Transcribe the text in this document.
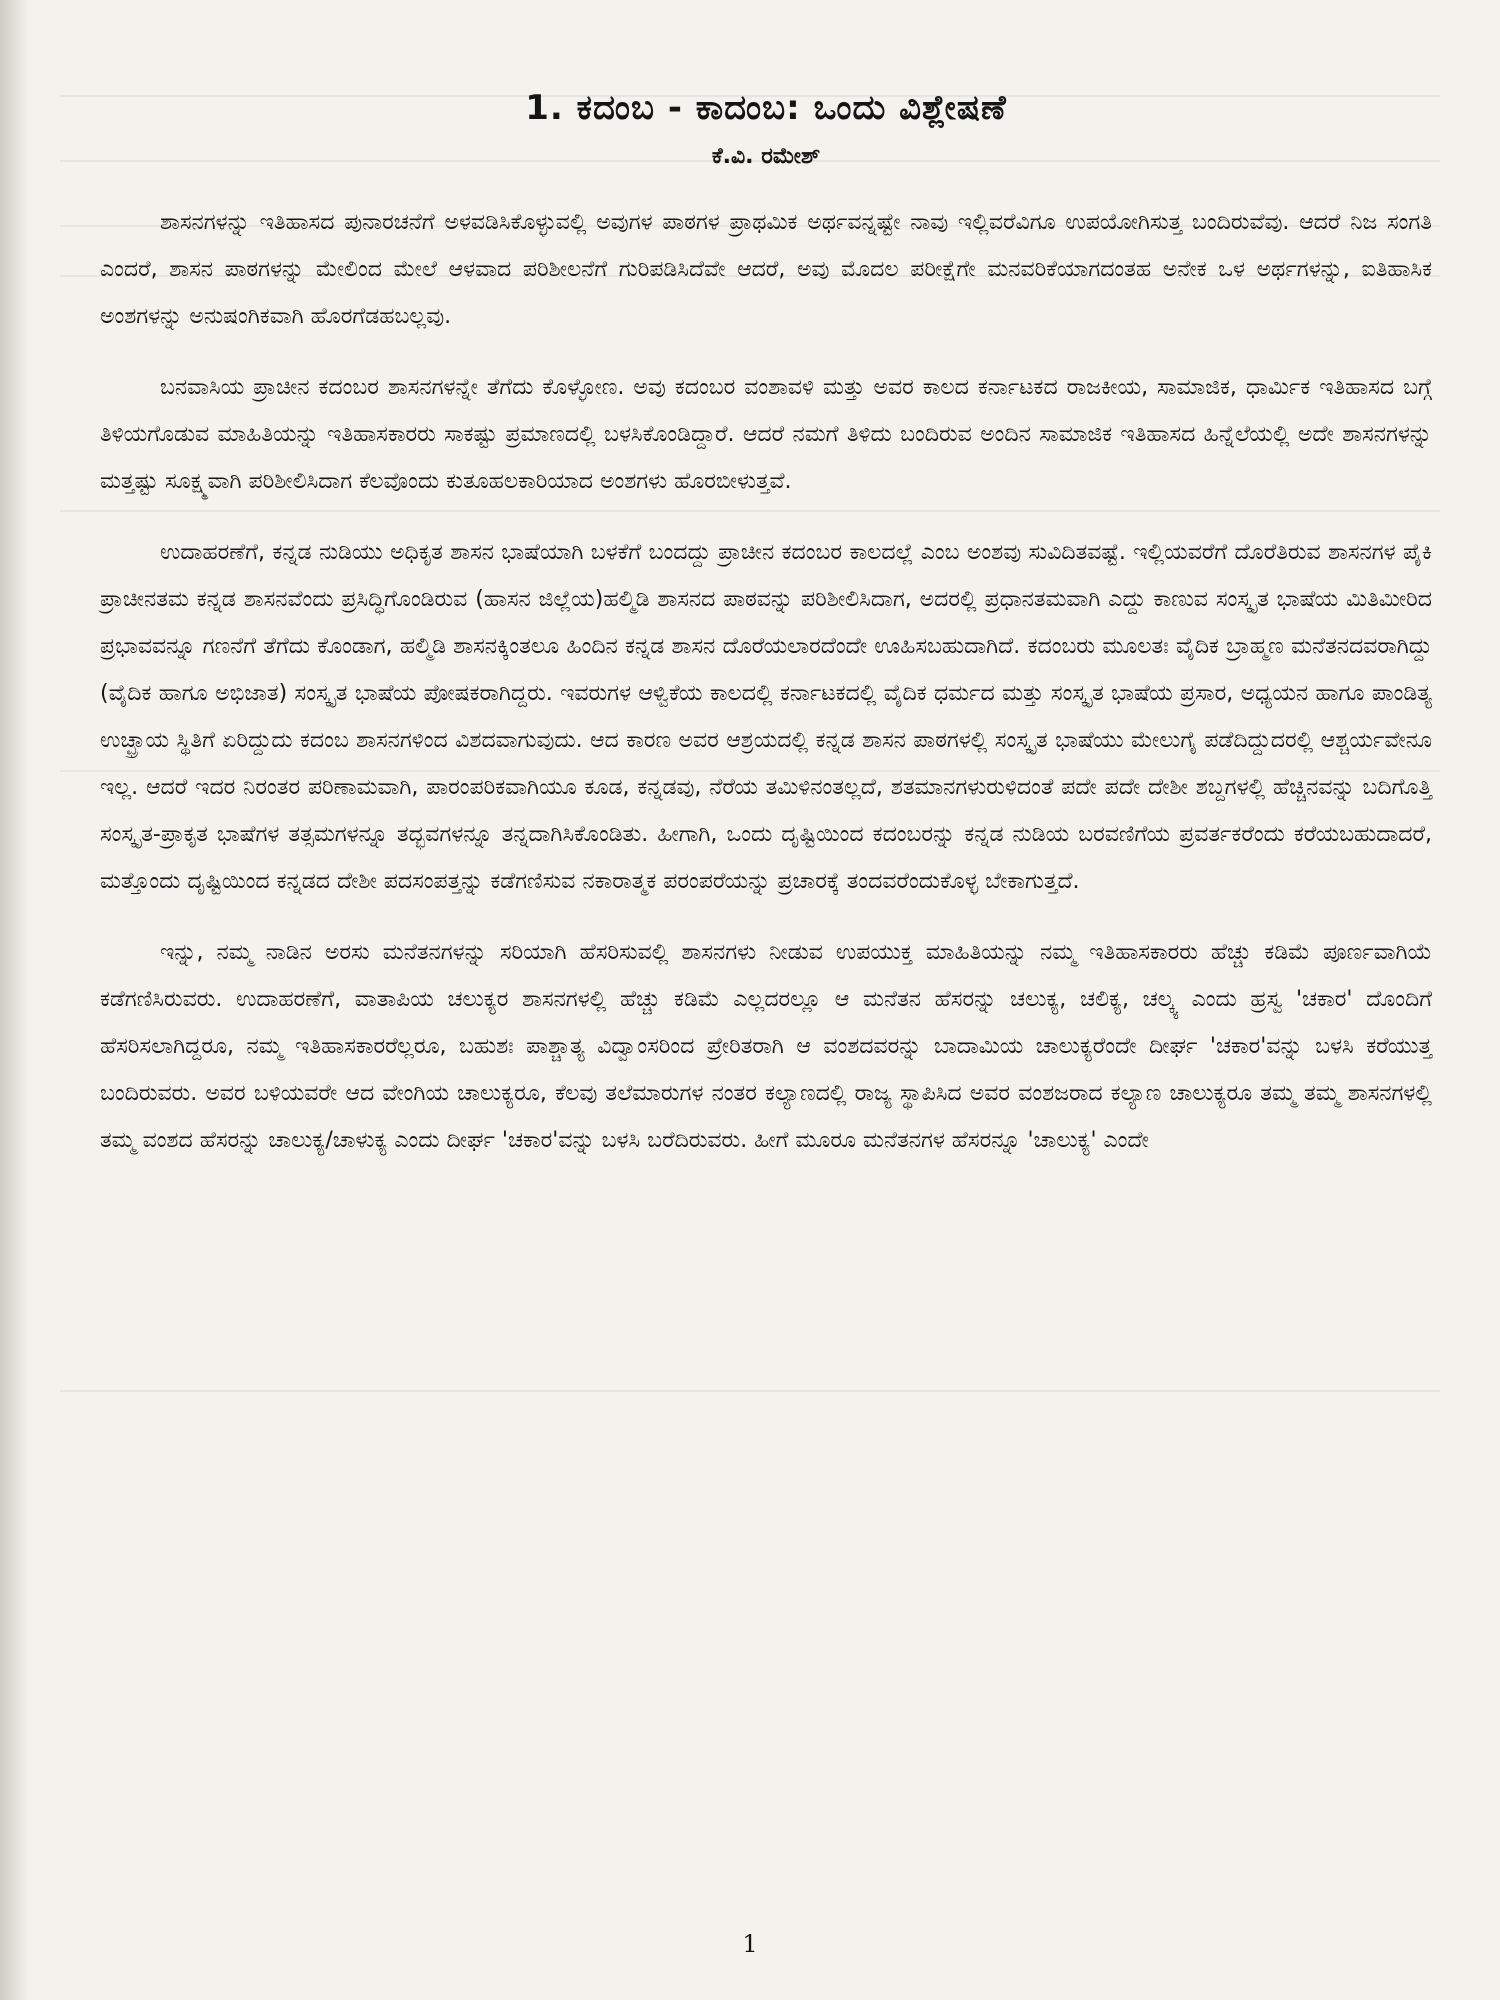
1. ಕದಂಬ - ಕಾದಂಬ: ಒಂದು ವಿಶ್ಲೇಷಣೆ
ಕೆ.ವಿ. ರಮೇಶ್

ಶಾಸನಗಳನ್ನು ಇತಿಹಾಸದ ಪುನಾರಚನೆಗೆ ಅಳವಡಿಸಿಕೊಳ್ಳುವಲ್ಲಿ ಅವುಗಳ ಪಾಠಗಳ ಪ್ರಾಥಮಿಕ ಅರ್ಥವನ್ನಷ್ಟೇ ನಾವು ಇಲ್ಲಿವರೆವಿಗೂ ಉಪಯೋಗಿಸುತ್ತ ಬಂದಿರುವೆವು. ಆದರೆ ನಿಜ ಸಂಗತಿ ಎಂದರೆ, ಶಾಸನ ಪಾಠಗಳನ್ನು ಮೇಲಿಂದ ಮೇಲೆ ಆಳವಾದ ಪರಿಶೀಲನೆಗೆ ಗುರಿಪಡಿಸಿದೆವೇ ಆದರೆ, ಅವು ಮೊದಲ ಪರೀಕ್ಷೆಗೇ ಮನವರಿಕೆಯಾಗದಂತಹ ಅನೇಕ ಒಳ ಅರ್ಥಗಳನ್ನು, ಐತಿಹಾಸಿಕ ಅಂಶಗಳನ್ನು ಅನುಷಂಗಿಕವಾಗಿ ಹೊರಗೆಡಹಬಲ್ಲವು.

ಬನವಾಸಿಯ ಪ್ರಾಚೀನ ಕದಂಬರ ಶಾಸನಗಳನ್ನೇ ತೆಗೆದು ಕೊಳ್ಳೋಣ. ಅವು ಕದಂಬರ ವಂಶಾವಳಿ ಮತ್ತು ಅವರ ಕಾಲದ ಕರ್ನಾಟಕದ ರಾಜಕೀಯ, ಸಾಮಾಜಿಕ, ಧಾರ್ಮಿಕ ಇತಿಹಾಸದ ಬಗ್ಗೆ ತಿಳಿಯಗೊಡುವ ಮಾಹಿತಿಯನ್ನು ಇತಿಹಾಸಕಾರರು ಸಾಕಷ್ಟು ಪ್ರಮಾಣದಲ್ಲಿ ಬಳಸಿಕೊಂಡಿದ್ದಾರೆ. ಆದರೆ ನಮಗೆ ತಿಳಿದು ಬಂದಿರುವ ಅಂದಿನ ಸಾಮಾಜಿಕ ಇತಿಹಾಸದ ಹಿನ್ನೆಲೆಯಲ್ಲಿ ಅದೇ ಶಾಸನಗಳನ್ನು ಮತ್ತಷ್ಟು ಸೂಕ್ಷ್ಮವಾಗಿ ಪರಿಶೀಲಿಸಿದಾಗ ಕೆಲವೊಂದು ಕುತೂಹಲಕಾರಿಯಾದ ಅಂಶಗಳು ಹೊರಬೀಳುತ್ತವೆ.

ಉದಾಹರಣೆಗೆ, ಕನ್ನಡ ನುಡಿಯು ಅಧಿಕೃತ ಶಾಸನ ಭಾಷೆಯಾಗಿ ಬಳಕೆಗೆ ಬಂದದ್ದು ಪ್ರಾಚೀನ ಕದಂಬರ ಕಾಲದಲ್ಲೆ ಎಂಬ ಅಂಶವು ಸುವಿದಿತವಷ್ಟೆ. ಇಲ್ಲಿಯವರೆಗೆ ದೊರೆತಿರುವ ಶಾಸನಗಳ ಪೈಕಿ ಪ್ರಾಚೀನತಮ ಕನ್ನಡ ಶಾಸನವೆಂದು ಪ್ರಸಿದ್ಧಿಗೊಂಡಿರುವ (ಹಾಸನ ಜಿಲ್ಲೆಯ)ಹಲ್ಮಿಡಿ ಶಾಸನದ ಪಾಠವನ್ನು ಪರಿಶೀಲಿಸಿದಾಗ, ಅದರಲ್ಲಿ ಪ್ರಧಾನತಮವಾಗಿ ಎದ್ದು ಕಾಣುವ ಸಂಸ್ಕೃತ ಭಾಷೆಯ ಮಿತಿಮೀರಿದ ಪ್ರಭಾವವನ್ನೂ ಗಣನೆಗೆ ತೆಗೆದು ಕೊಂಡಾಗ, ಹಲ್ಮಿಡಿ ಶಾಸನಕ್ಕಿಂತಲೂ ಹಿಂದಿನ ಕನ್ನಡ ಶಾಸನ ದೊರೆಯಲಾರದೆಂದೇ ಊಹಿಸಬಹುದಾಗಿದೆ. ಕದಂಬರು ಮೂಲತಃ ವೈದಿಕ ಬ್ರಾಹ್ಮಣ ಮನೆತನದವರಾಗಿದ್ದು (ವೈದಿಕ ಹಾಗೂ ಅಭಿಜಾತ) ಸಂಸ್ಕೃತ ಭಾಷೆಯ ಪೋಷಕರಾಗಿದ್ದರು. ಇವರುಗಳ ಆಳ್ವಿಕೆಯ ಕಾಲದಲ್ಲಿ ಕರ್ನಾಟಕದಲ್ಲಿ ವೈದಿಕ ಧರ್ಮದ ಮತ್ತು ಸಂಸ್ಕೃತ ಭಾಷೆಯ ಪ್ರಸಾರ, ಅಧ್ಯಯನ ಹಾಗೂ ಪಾಂಡಿತ್ಯ ಉಚ್ಛ್ರಾಯ ಸ್ಥಿತಿಗೆ ಏರಿದ್ದುದು ಕದಂಬ ಶಾಸನಗಳಿಂದ ವಿಶದವಾಗುವುದು. ಆದ ಕಾರಣ ಅವರ ಆಶ್ರಯದಲ್ಲಿ ಕನ್ನಡ ಶಾಸನ ಪಾಠಗಳಲ್ಲಿ ಸಂಸ್ಕೃತ ಭಾಷೆಯು ಮೇಲುಗೈ ಪಡೆದಿದ್ದುದರಲ್ಲಿ ಆಶ್ಚರ್ಯವೇನೂ ಇಲ್ಲ. ಆದರೆ ಇದರ ನಿರಂತರ ಪರಿಣಾಮವಾಗಿ, ಪಾರಂಪರಿಕವಾಗಿಯೂ ಕೂಡ, ಕನ್ನಡವು, ನೆರೆಯ ತಮಿಳಿನಂತಲ್ಲದೆ, ಶತಮಾನಗಳುರುಳಿದಂತೆ ಪದೇ ಪದೇ ದೇಶೀ ಶಬ್ದಗಳಲ್ಲಿ ಹೆಚ್ಚಿನವನ್ನು ಬದಿಗೊತ್ತಿ ಸಂಸ್ಕೃತ-ಪ್ರಾಕೃತ ಭಾಷೆಗಳ ತತ್ಸಮಗಳನ್ನೂ ತದ್ಭವಗಳನ್ನೂ ತನ್ನದಾಗಿಸಿಕೊಂಡಿತು. ಹೀಗಾಗಿ, ಒಂದು ದೃಷ್ಟಿಯಿಂದ ಕದಂಬರನ್ನು ಕನ್ನಡ ನುಡಿಯ ಬರವಣಿಗೆಯ ಪ್ರವರ್ತಕರೆಂದು ಕರೆಯಬಹುದಾದರೆ, ಮತ್ತೊಂದು ದೃಷ್ಟಿಯಿಂದ ಕನ್ನಡದ ದೇಶೀ ಪದಸಂಪತ್ತನ್ನು ಕಡೆಗಣಿಸುವ ನಕಾರಾತ್ಮಕ ಪರಂಪರೆಯನ್ನು ಪ್ರಚಾರಕ್ಕೆ ತಂದವರೆಂದುಕೊಳ್ಳ ಬೇಕಾಗುತ್ತದೆ.

ಇನ್ನು, ನಮ್ಮ ನಾಡಿನ ಅರಸು ಮನೆತನಗಳನ್ನು ಸರಿಯಾಗಿ ಹೆಸರಿಸುವಲ್ಲಿ ಶಾಸನಗಳು ನೀಡುವ ಉಪಯುಕ್ತ ಮಾಹಿತಿಯನ್ನು ನಮ್ಮ ಇತಿಹಾಸಕಾರರು ಹೆಚ್ಚು ಕಡಿಮೆ ಪೂರ್ಣವಾಗಿಯೆ ಕಡೆಗಣಿಸಿರುವರು. ಉದಾಹರಣೆಗೆ, ವಾತಾಪಿಯ ಚಲುಕ್ಯರ ಶಾಸನಗಳಲ್ಲಿ ಹೆಚ್ಚು ಕಡಿಮೆ ಎಲ್ಲದರಲ್ಲೂ ಆ ಮನೆತನ ಹೆಸರನ್ನು ಚಲುಕ್ಯ, ಚಲಿಕ್ಯ, ಚಲ್ಕ್ಯ ಎಂದು ಹ್ರಸ್ವ 'ಚಕಾರ' ದೊಂದಿಗೆ ಹೆಸರಿಸಲಾಗಿದ್ದರೂ, ನಮ್ಮ ಇತಿಹಾಸಕಾರರೆಲ್ಲರೂ, ಬಹುಶಃ ಪಾಶ್ಚಾತ್ಯ ವಿದ್ವಾಂಸರಿಂದ ಪ್ರೇರಿತರಾಗಿ ಆ ವಂಶದವರನ್ನು ಬಾದಾಮಿಯ ಚಾಲುಕ್ಯರೆಂದೇ ದೀರ್ಘ 'ಚಕಾರ'ವನ್ನು ಬಳಸಿ ಕರೆಯುತ್ತ ಬಂದಿರುವರು. ಅವರ ಬಳಿಯವರೇ ಆದ ವೇಂಗಿಯ ಚಾಲುಕ್ಯರೂ, ಕೆಲವು ತಲೆಮಾರುಗಳ ನಂತರ ಕಲ್ಯಾಣದಲ್ಲಿ ರಾಜ್ಯ ಸ್ಥಾಪಿಸಿದ ಅವರ ವಂಶಜರಾದ ಕಲ್ಯಾಣ ಚಾಲುಕ್ಯರೂ ತಮ್ಮ ತಮ್ಮ ಶಾಸನಗಳಲ್ಲಿ ತಮ್ಮ ವಂಶದ ಹೆಸರನ್ನು ಚಾಲುಕ್ಯ/ಚಾಳುಕ್ಯ ಎಂದು ದೀರ್ಘ 'ಚಕಾರ'ವನ್ನು ಬಳಸಿ ಬರೆದಿರುವರು. ಹೀಗೆ ಮೂರೂ ಮನೆತನಗಳ ಹೆಸರನ್ನೂ 'ಚಾಲುಕ್ಯ' ಎಂದೇ

1
